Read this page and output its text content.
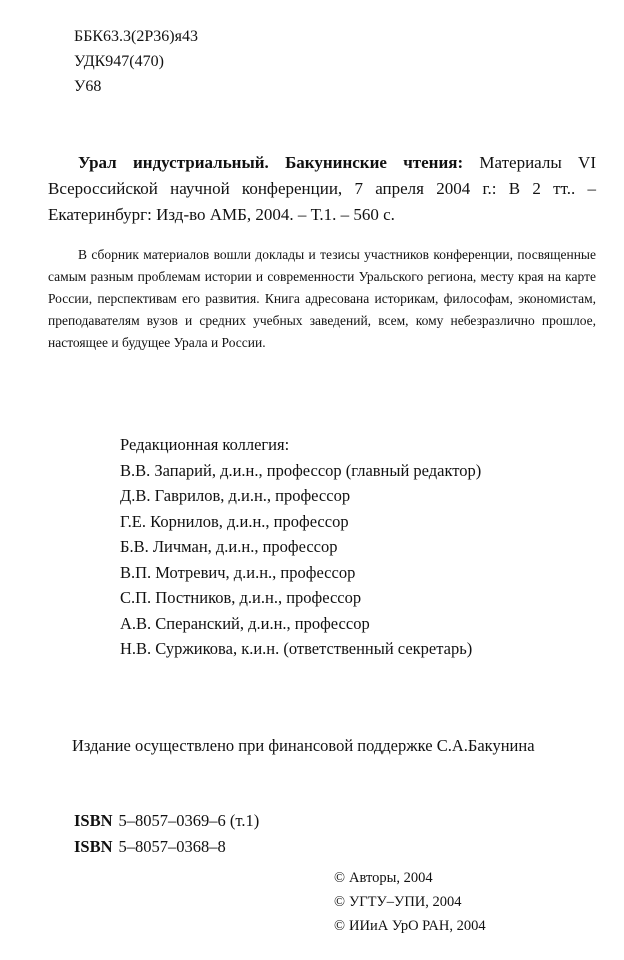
ББК63.3(2Р36)я43
УДК947(470)
У68

Урал индустриальный. Бакунинские чтения: Материалы VI Всероссийской научной конференции, 7 апреля 2004 г.: В 2 тт.. – Екатеринбург: Изд-во АМБ, 2004. – Т.1. – 560 с.

В сборник материалов вошли доклады и тезисы участников конференции, посвященные самым разным проблемам истории и современности Уральского региона, месту края на карте России, перспективам его развития. Книга адресована историкам, философам, экономистам, преподавателям вузов и средних учебных заведений, всем, кому небезразлично прошлое, настоящее и будущее Урала и России.

Редакционная коллегия:
В.В. Запарий, д.и.н., профессор (главный редактор)
Д.В. Гаврилов, д.и.н., профессор
Г.Е. Корнилов, д.и.н., профессор
Б.В. Личман, д.и.н., профессор
В.П. Мотревич, д.и.н., профессор
С.П. Постников, д.и.н., профессор
А.В. Сперанский, д.и.н., профессор
Н.В. Суржикова, к.и.н. (ответственный секретарь)
Издание осуществлено при финансовой поддержке С.А.Бакунина
ISBN 5–8057–0369–6 (т.1)
ISBN 5–8057–0368–8
© Авторы, 2004
© УГТУ–УПИ, 2004
© ИИиА УрО РАН, 2004
